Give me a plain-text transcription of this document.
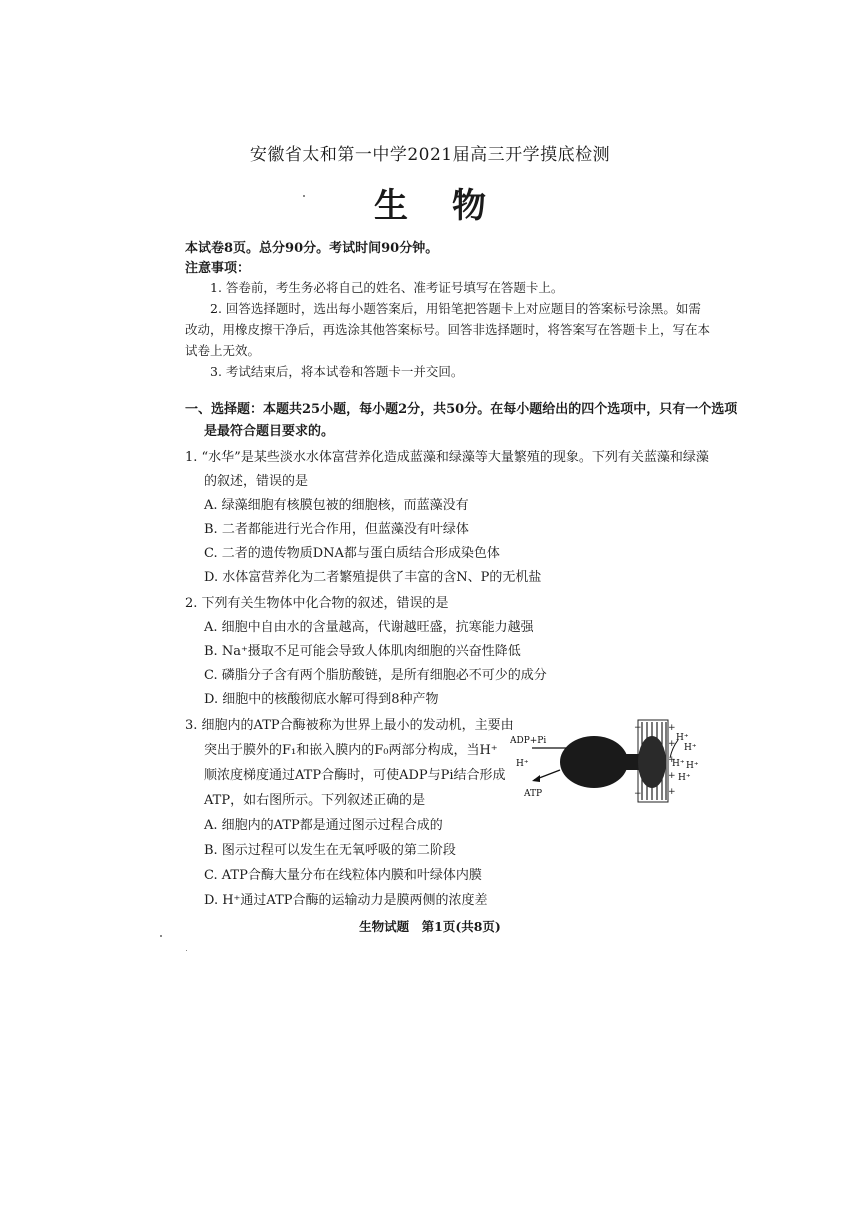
安徽省太和第一中学2021届高三开学摸底检测
生物
本试卷8页。总分90分。考试时间90分钟。
注意事项：
1. 答卷前，考生务必将自己的姓名、准考证号填写在答题卡上。
2. 回答选择题时，选出每小题答案后，用铅笔把答题卡上对应题目的答案标号涂黑。如需
改动，用橡皮擦干净后，再选涂其他答案标号。回答非选择题时，将答案写在答题卡上，写在本
试卷上无效。
3. 考试结束后，将本试卷和答题卡一并交回。
一、选择题：本题共25小题，每小题2分，共50分。在每小题给出的四个选项中，只有一个选项
是最符合题目要求的。
1. “水华”是某些淡水水体富营养化造成蓝藻和绿藻等大量繁殖的现象。下列有关蓝藻和绿藻
的叙述，错误的是
A. 绿藻细胞有核膜包被的细胞核，而蓝藻没有
B. 二者都能进行光合作用，但蓝藻没有叶绿体
C. 二者的遗传物质DNA都与蛋白质结合形成染色体
D. 水体富营养化为二者繁殖提供了丰富的含N、P的无机盐
2. 下列有关生物体中化合物的叙述，错误的是
A. 细胞中自由水的含量越高，代谢越旺盛，抗寒能力越强
B. Na⁺摄取不足可能会导致人体肌肉细胞的兴奋性降低
C. 磷脂分子含有两个脂肪酸链，是所有细胞必不可少的成分
D. 细胞中的核酸彻底水解可得到8种产物
3. 细胞内的ATP合酶被称为世界上最小的发动机，主要由
突出于膜外的F₁和嵌入膜内的F₀两部分构成，当H⁺
顺浓度梯度通过ATP合酶时，可使ADP与Pi结合形成
ATP，如右图所示。下列叙述正确的是
A. 细胞内的ATP都是通过图示过程合成的
B. 图示过程可以发生在无氧呼吸的第二阶段
C. ATP合酶大量分布在线粒体内膜和叶绿体内膜
D. H⁺通过ATP合酶的运输动力是膜两侧的浓度差
+
+
+
+
+
−
−
ADP+Pi
H⁺
ATP
H⁺
H⁺
H⁺ H⁺
H⁺
生物试题　第1页(共8页)
